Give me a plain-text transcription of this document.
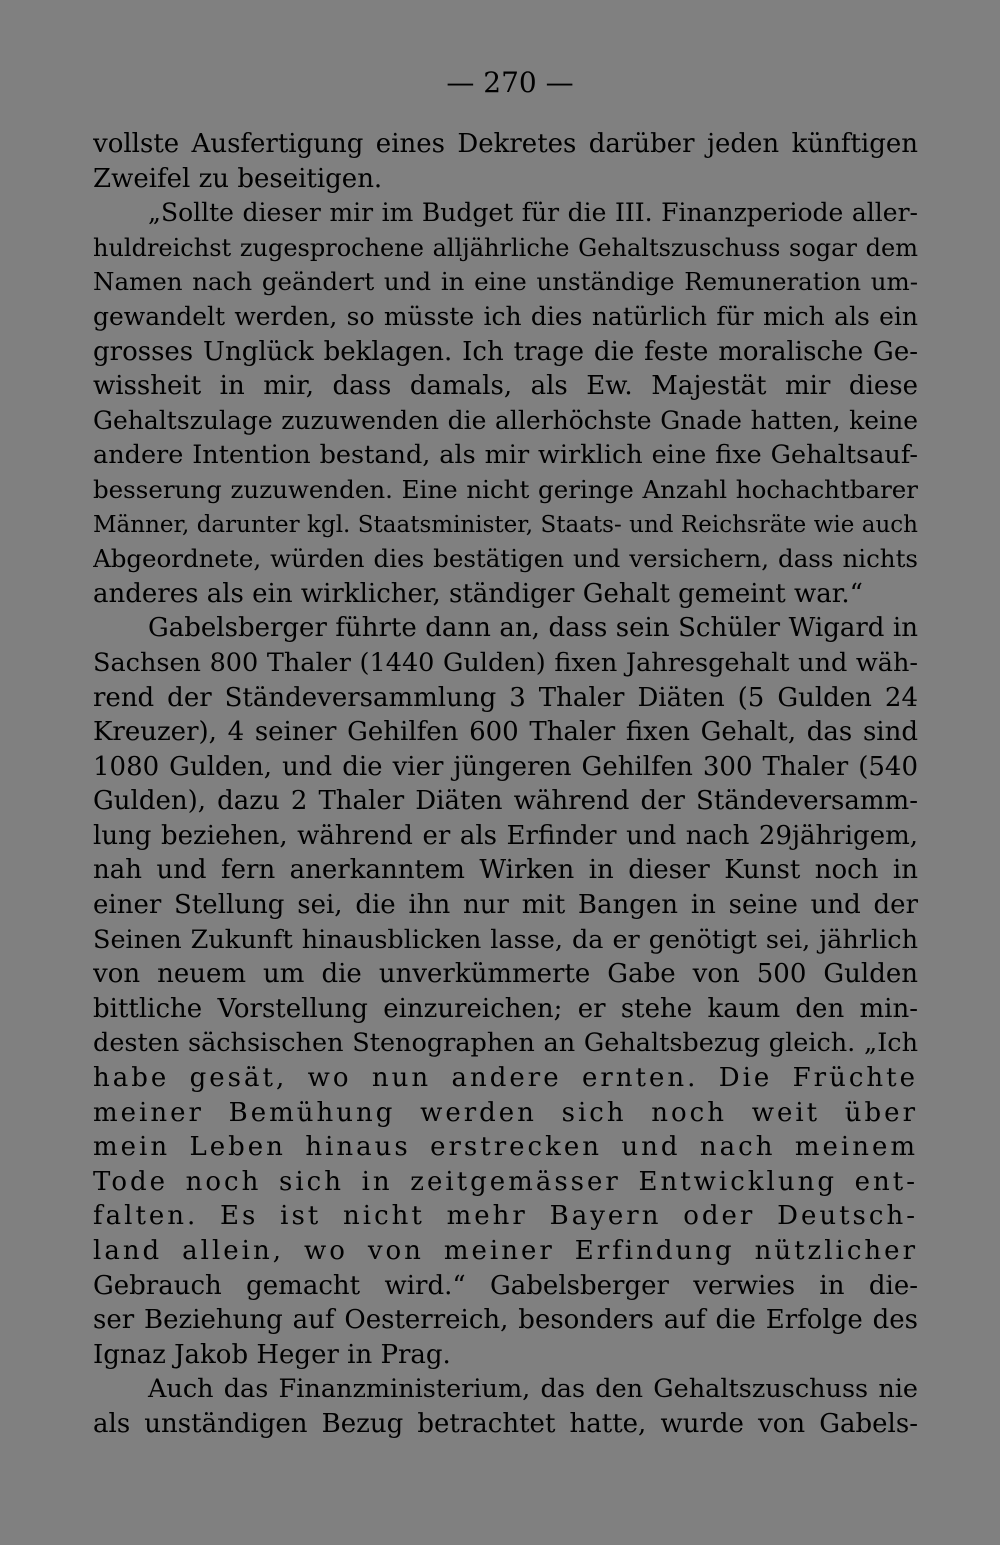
— 270 —
vollste Ausfertigung eines Dekretes darüber jeden künftigen
Zweifel zu beseitigen.
„Sollte dieser mir im Budget für die III. Finanzperiode aller-
huldreichst zugesprochene alljährliche Gehaltszuschuss sogar dem
Namen nach geändert und in eine unständige Remuneration um-
gewandelt werden, so müsste ich dies natürlich für mich als ein
grosses Unglück beklagen. Ich trage die feste moralische Ge-
wissheit in mir, dass damals, als Ew. Majestät mir diese
Gehaltszulage zuzuwenden die allerhöchste Gnade hatten, keine
andere Intention bestand, als mir wirklich eine fixe Gehaltsauf-
besserung zuzuwenden. Eine nicht geringe Anzahl hochachtbarer
Männer, darunter kgl. Staatsminister, Staats- und Reichsräte wie auch
Abgeordnete, würden dies bestätigen und versichern, dass nichts
anderes als ein wirklicher, ständiger Gehalt gemeint war.“
Gabelsberger führte dann an, dass sein Schüler Wigard in
Sachsen 800 Thaler (1440 Gulden) fixen Jahresgehalt und wäh-
rend der Ständeversammlung 3 Thaler Diäten (5 Gulden 24
Kreuzer), 4 seiner Gehilfen 600 Thaler fixen Gehalt, das sind
1080 Gulden, und die vier jüngeren Gehilfen 300 Thaler (540
Gulden), dazu 2 Thaler Diäten während der Ständeversamm-
lung beziehen, während er als Erfinder und nach 29jährigem,
nah und fern anerkanntem Wirken in dieser Kunst noch in
einer Stellung sei, die ihn nur mit Bangen in seine und der
Seinen Zukunft hinausblicken lasse, da er genötigt sei, jährlich
von neuem um die unverkümmerte Gabe von 500 Gulden
bittliche Vorstellung einzureichen; er stehe kaum den min-
desten sächsischen Stenographen an Gehaltsbezug gleich. „Ich
habe gesät, wo nun andere ernten. Die Früchte
meiner Bemühung werden sich noch weit über
mein Leben hinaus erstrecken und nach meinem
Tode noch sich in zeitgemässer Entwicklung ent-
falten. Es ist nicht mehr Bayern oder Deutsch-
land allein, wo von meiner Erfindung nützlicher
Gebrauch gemacht wird.“ Gabelsberger verwies in die-
ser Beziehung auf Oesterreich, besonders auf die Erfolge des
Ignaz Jakob Heger in Prag.
Auch das Finanzministerium, das den Gehaltszuschuss nie
als unständigen Bezug betrachtet hatte, wurde von Gabels-
